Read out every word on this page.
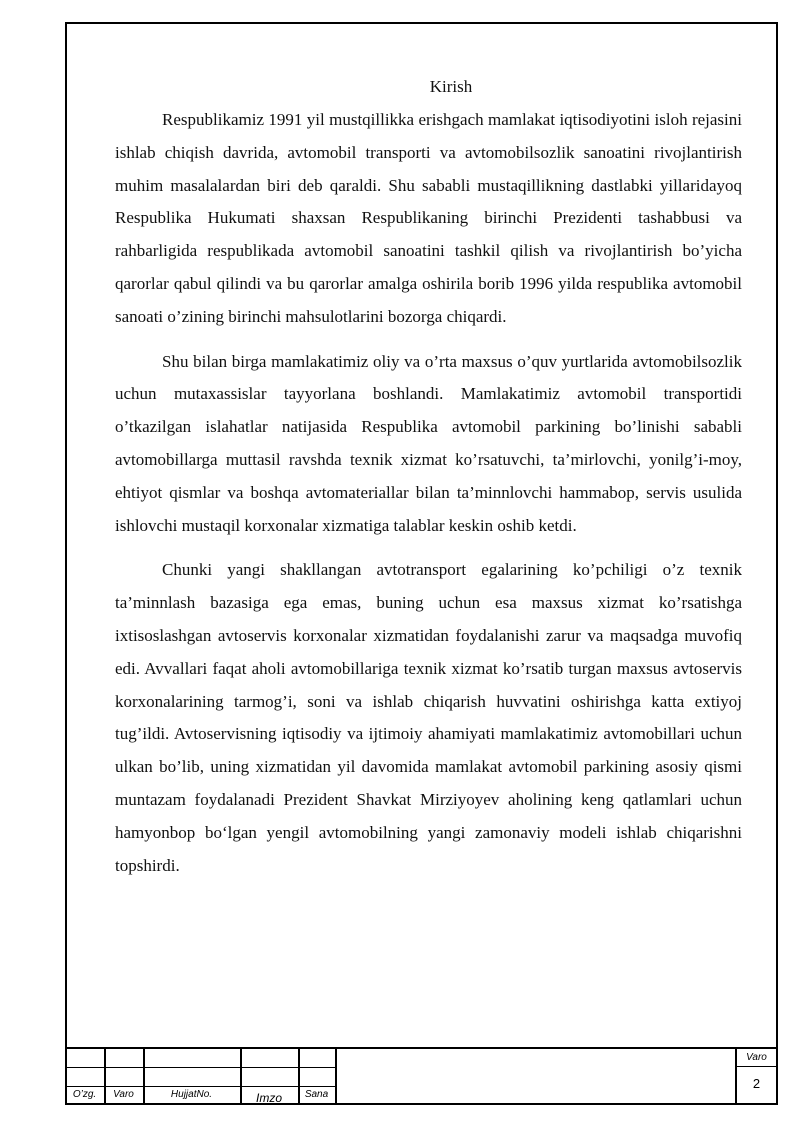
Kirish

Respublikamiz 1991 yil mustqillikka erishgach mamlakat iqtisodiyotini isloh rejasini ishlab chiqish davrida, avtomobil transporti va avtomobilsozlik sanoatini rivojlantirish muhim masalalardan biri deb qaraldi. Shu sababli mustaqillikning dastlabki yillaridayoq Respublika Hukumati shaxsan Respublikaning birinchi Prezidenti tashabbusi va rahbarligida respublikada avtomobil sanoatini tashkil qilish va rivojlantirish bo’yicha qarorlar qabul qilindi va bu qarorlar amalga oshirila borib 1996 yilda respublika avtomobil sanoati o’zining birinchi mahsulotlarini bozorga chiqardi.

Shu bilan birga mamlakatimiz oliy va o’rta maxsus o’quv yurtlarida avtomobilsozlik uchun mutaxassislar tayyorlana boshlandi. Mamlakatimiz avtomobil transportidi o’tkazilgan islahatlar natijasida Respublika avtomobil parkining bo’linishi sababli avtomobillarga muttasil ravshda texnik xizmat ko’rsatuvchi, ta’mirlovchi, yonilg’i-moy, ehtiyot qismlar va boshqa avtomateriallar bilan ta’minnlovchi hammabop, servis usulida ishlovchi mustaqil korxonalar xizmatiga talablar keskin oshib ketdi.

Chunki yangi shakllangan avtotransport egalarining ko’pchiligi o’z texnik ta’minnlash bazasiga ega emas, buning uchun esa maxsus xizmat ko’rsatishga ixtisoslashgan avtoservis korxonalar xizmatidan foydalanishi zarur va maqsadga muvofiq edi. Avvallari faqat aholi avtomobillariga texnik xizmat ko’rsatib turgan maxsus avtoservis korxonalarining tarmog’i, soni va ishlab chiqarish huvvatini oshirishga katta extiyoj tug’ildi. Avtoservisning iqtisodiy va ijtimoiy ahamiyati mamlakatimiz avtomobillari uchun ulkan bo’lib, uning xizmatidan yil davomida mamlakat avtomobil parkining asosiy qismi muntazam foydalanadi Prezident Shavkat Mirziyoyev aholining keng qatlamlari uchun hamyonbop bo‘lgan yengil avtomobilning yangi zamonaviy modeli ishlab chiqarishni topshirdi.

O’zg.	Varo	HujjatNo.	Imzo	Sana
Varo
2
